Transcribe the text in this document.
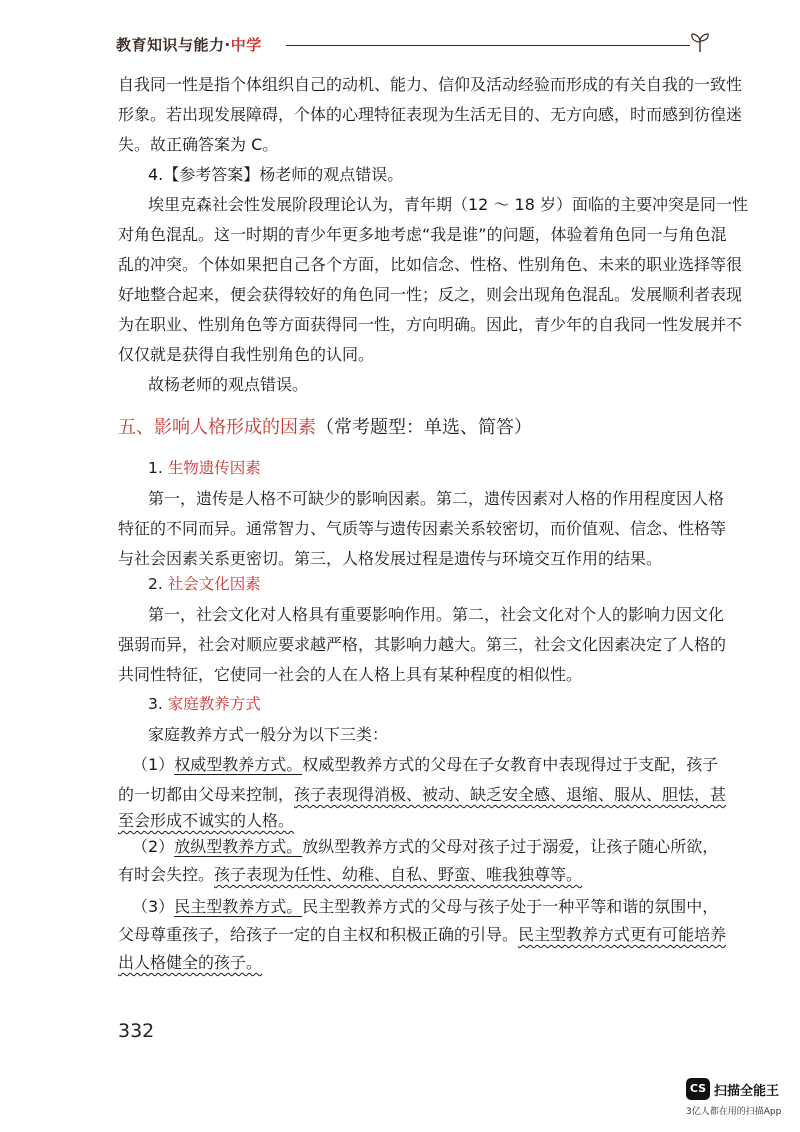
教育知识与能力·中学
自我同一性是指个体组织自己的动机、能力、信仰及活动经验而形成的有关自我的一致性
形象。若出现发展障碍，个体的心理特征表现为生活无目的、无方向感，时而感到彷徨迷
失。故正确答案为 C。
4.【参考答案】杨老师的观点错误。
埃里克森社会性发展阶段理论认为，青年期（12 ～ 18 岁）面临的主要冲突是同一性
对角色混乱。这一时期的青少年更多地考虑“我是谁”的问题，体验着角色同一与角色混
乱的冲突。个体如果把自己各个方面，比如信念、性格、性别角色、未来的职业选择等很
好地整合起来，便会获得较好的角色同一性；反之，则会出现角色混乱。发展顺利者表现
为在职业、性别角色等方面获得同一性，方向明确。因此，青少年的自我同一性发展并不
仅仅就是获得自我性别角色的认同。
故杨老师的观点错误。
五、影响人格形成的因素（常考题型：单选、简答）
1. 生物遗传因素
第一，遗传是人格不可缺少的影响因素。第二，遗传因素对人格的作用程度因人格
特征的不同而异。通常智力、气质等与遗传因素关系较密切，而价值观、信念、性格等
与社会因素关系更密切。第三，人格发展过程是遗传与环境交互作用的结果。
2. 社会文化因素
第一，社会文化对人格具有重要影响作用。第二，社会文化对个人的影响力因文化
强弱而异，社会对顺应要求越严格，其影响力越大。第三，社会文化因素决定了人格的
共同性特征，它使同一社会的人在人格上具有某种程度的相似性。
3. 家庭教养方式
家庭教养方式一般分为以下三类：
（1）权威型教养方式。权威型教养方式的父母在子女教育中表现得过于支配，孩子
的一切都由父母来控制，孩子表现得消极、被动、缺乏安全感、退缩、服从、胆怯，甚
至会形成不诚实的人格。
（2）放纵型教养方式。放纵型教养方式的父母对孩子过于溺爱，让孩子随心所欲，
有时会失控。孩子表现为任性、幼稚、自私、野蛮、唯我独尊等。
（3）民主型教养方式。民主型教养方式的父母与孩子处于一种平等和谐的氛围中，
父母尊重孩子，给孩子一定的自主权和积极正确的引导。民主型教养方式更有可能培养
出人格健全的孩子。
332
CS 扫描全能王
3亿人都在用的扫描App
